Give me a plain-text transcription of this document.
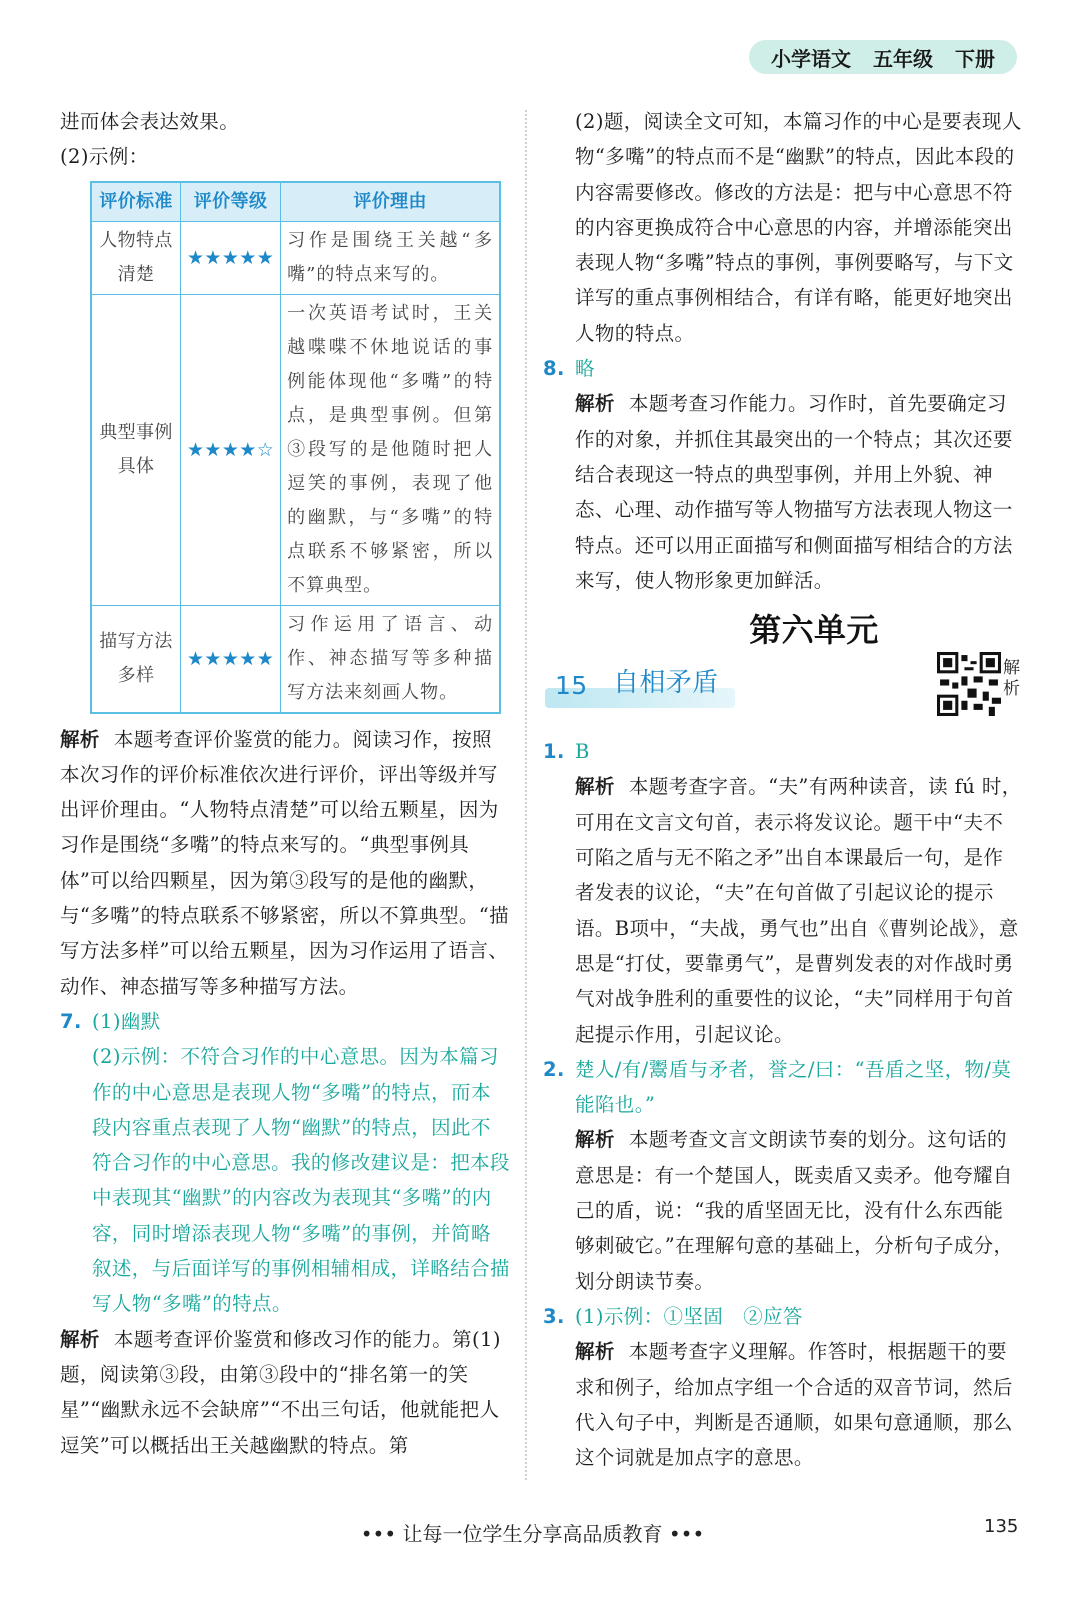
小学语文 五年级 下册

进而体会表达效果。

(2)示例：

评价标准	评价等级	评价理由
人物特点清楚	★★★★★	习作是围绕王关越“多嘴”的特点来写的。
典型事例具体	★★★★☆	一次英语考试时，王关越喋喋不休地说话的事例能体现他“多嘴”的特点，是典型事例。但第③段写的是他随时把人逗笑的事例，表现了他的幽默，与“多嘴”的特点联系不够紧密，所以不算典型。
描写方法多样	★★★★★	习作运用了语言、动作、神态描写等多种描写方法来刻画人物。

解析 本题考查评价鉴赏的能力。阅读习作，按照本次习作的评价标准依次进行评价，评出等级并写出评价理由。“人物特点清楚”可以给五颗星，因为习作是围绕“多嘴”的特点来写的。“典型事例具体”可以给四颗星，因为第③段写的是他的幽默，与“多嘴”的特点联系不够紧密，所以不算典型。“描写方法多样”可以给五颗星，因为习作运用了语言、动作、神态描写等多种描写方法。

7. (1)幽默

(2)示例：不符合习作的中心意思。因为本篇习作的中心意思是表现人物“多嘴”的特点，而本段内容重点表现了人物“幽默”的特点，因此不符合习作的中心意思。我的修改建议是：把本段中表现其“幽默”的内容改为表现其“多嘴”的内容，同时增添表现人物“多嘴”的事例，并简略叙述，与后面详写的事例相辅相成，详略结合描写人物“多嘴”的特点。

解析 本题考查评价鉴赏和修改习作的能力。第(1)题，阅读第③段，由第③段中的“排名第一的笑星”“幽默永远不会缺席”“不出三句话，他就能把人逗笑”可以概括出王关越幽默的特点。第

(2)题，阅读全文可知，本篇习作的中心是要表现人物“多嘴”的特点而不是“幽默”的特点，因此本段的内容需要修改。修改的方法是：把与中心意思不符的内容更换成符合中心意思的内容，并增添能突出表现人物“多嘴”特点的事例，事例要略写，与下文详写的重点事例相结合，有详有略，能更好地突出人物的特点。

8. 略

解析 本题考查习作能力。习作时，首先要确定习作的对象，并抓住其最突出的一个特点；其次还要结合表现这一特点的典型事例，并用上外貌、神态、心理、动作描写等人物描写方法表现人物这一特点。还可以用正面描写和侧面描写相结合的方法来写，使人物形象更加鲜活。

第六单元
15 自相矛盾	解析

1. B

解析 本题考查字音。“夫”有两种读音，读 fú 时，可用在文言文句首，表示将发议论。题干中“夫不可陷之盾与无不陷之矛”出自本课最后一句，是作者发表的议论，“夫”在句首做了引起议论的提示语。B项中，“夫战，勇气也”出自《曹刿论战》，意思是“打仗，要靠勇气”，是曹刿发表的对作战时勇气对战争胜利的重要性的议论，“夫”同样用于句首起提示作用，引起议论。

2. 楚人/有/鬻盾与矛者，誉之/曰：“吾盾之坚，物/莫能陷也。”

解析 本题考查文言文朗读节奏的划分。这句话的意思是：有一个楚国人，既卖盾又卖矛。他夸耀自己的盾，说：“我的盾坚固无比，没有什么东西能够刺破它。”在理解句意的基础上，分析句子成分，划分朗读节奏。

3. (1)示例：①坚固　②应答

解析 本题考查字义理解。作答时，根据题干的要求和例子，给加点字组一个合适的双音节词，然后代入句子中，判断是否通顺，如果句意通顺，那么这个词就是加点字的意思。

••• 让每一位学生分享高品质教育 •••	135
